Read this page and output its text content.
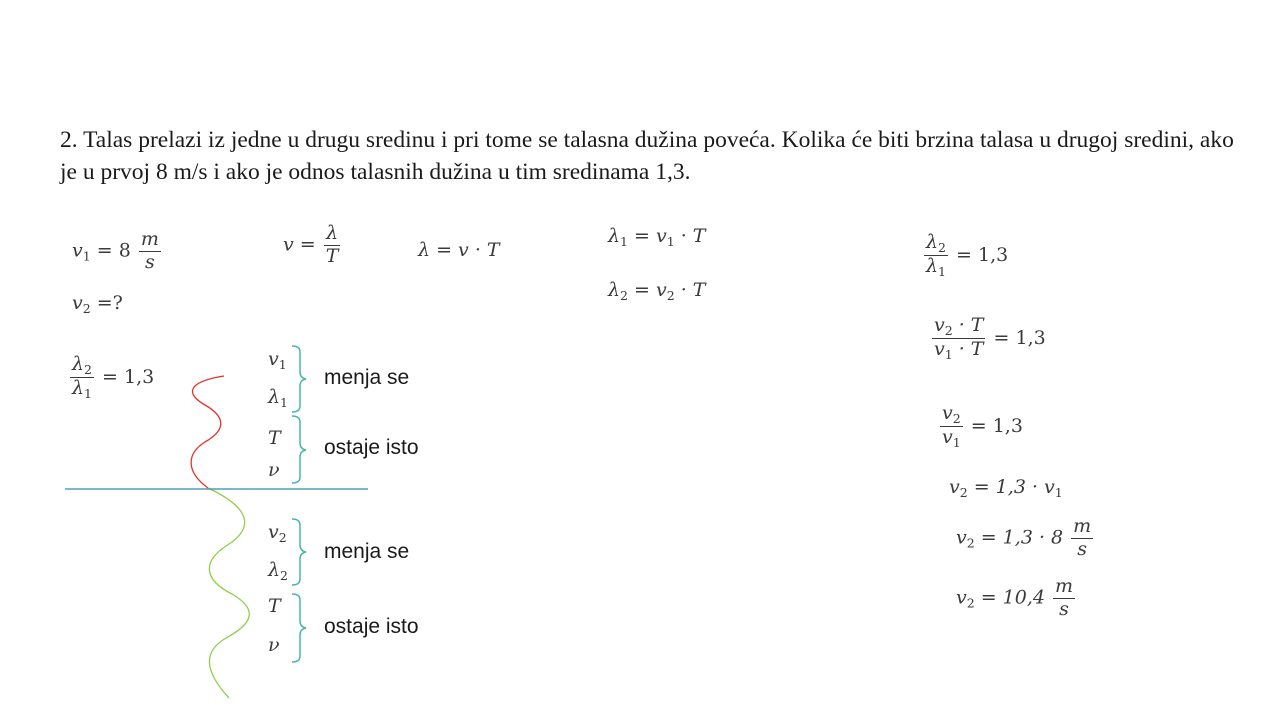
2. Talas prelazi iz jedne u drugu sredinu i pri tome se talasna dužina poveća. Kolika će biti brzina talasa u drugoj sredini, ako je u prvoj 8 m/s i ako je odnos talasnih dužina u tim sredinama 1,3.

$v_1 = 8 \frac{m}{s}$
$v_2$ =?
$\frac{\lambda_2}{\lambda_1} = 1,3$
$v = \frac{\lambda}{T}$	λ = v · T
$\lambda_1 = v_1 \cdot T$
$\lambda_2 = v_2 \cdot T$
$v_1$
$\lambda_1$
menja se
T
ν
ostaje isto
$v_2$
$\lambda_2$
menja se
T
ν
ostaje isto
$\frac{\lambda_2}{\lambda_1} = 1,3$
$\frac{v_2 \cdot T}{v_1 \cdot T} = 1,3$
$\frac{v_2}{v_1} = 1,3$
$v_2 = 1,3 \cdot v_1$
$v_2 = 1,3 \cdot 8 \frac{m}{s}$
$v_2 = 10,4 \frac{m}{s}$
